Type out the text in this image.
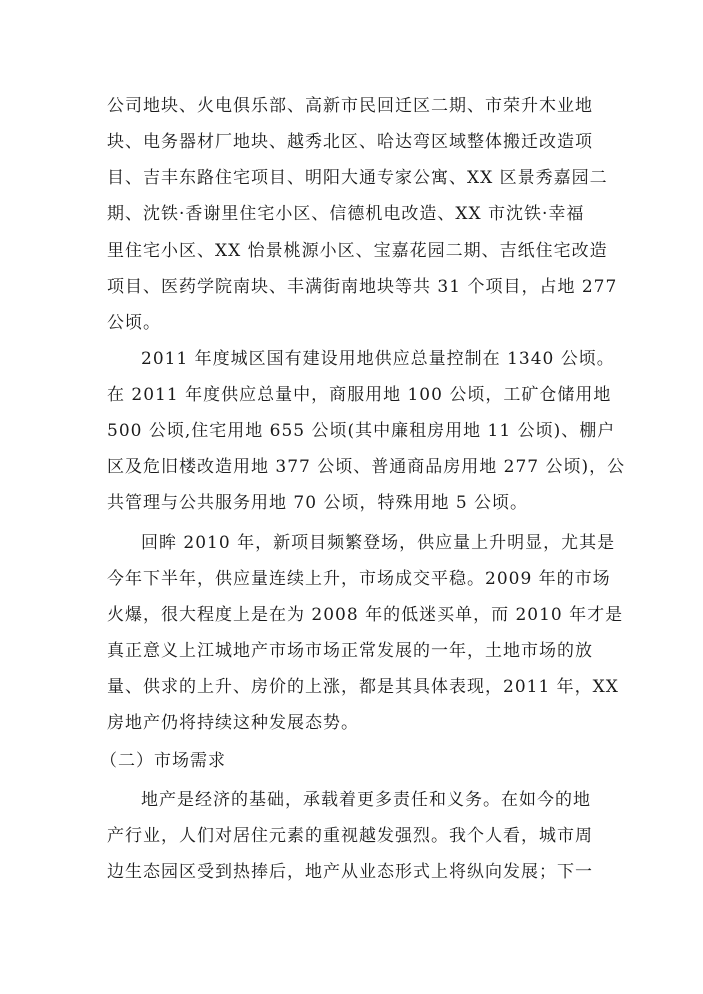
公司地块、火电俱乐部、高新市民回迁区二期、市荣升木业地
块、电务器材厂地块、越秀北区、哈达弯区域整体搬迁改造项
目、吉丰东路住宅项目、明阳大通专家公寓、XX 区景秀嘉园二
期、沈铁·香谢里住宅小区、信德机电改造、XX 市沈铁·幸福
里住宅小区、XX 怡景桃源小区、宝嘉花园二期、吉纸住宅改造
项目、医药学院南块、丰满街南地块等共 31 个项目，占地 277
公顷。
2011 年度城区国有建设用地供应总量控制在 1340 公顷。
在 2011 年度供应总量中，商服用地 100 公顷，工矿仓储用地
500 公顷,住宅用地 655 公顷(其中廉租房用地 11 公顷)、棚户
区及危旧楼改造用地 377 公顷、普通商品房用地 277 公顷)，公
共管理与公共服务用地 70 公顷，特殊用地 5 公顷。
回眸 2010 年，新项目频繁登场，供应量上升明显，尤其是
今年下半年，供应量连续上升，市场成交平稳。2009 年的市场
火爆，很大程度上是在为 2008 年的低迷买单，而 2010 年才是
真正意义上江城地产市场市场正常发展的一年，土地市场的放
量、供求的上升、房价的上涨，都是其具体表现，2011 年，XX
房地产仍将持续这种发展态势。
（二）市场需求
地产是经济的基础，承载着更多责任和义务。在如今的地
产行业，人们对居住元素的重视越发强烈。我个人看，城市周
边生态园区受到热捧后，地产从业态形式上将纵向发展；下一
